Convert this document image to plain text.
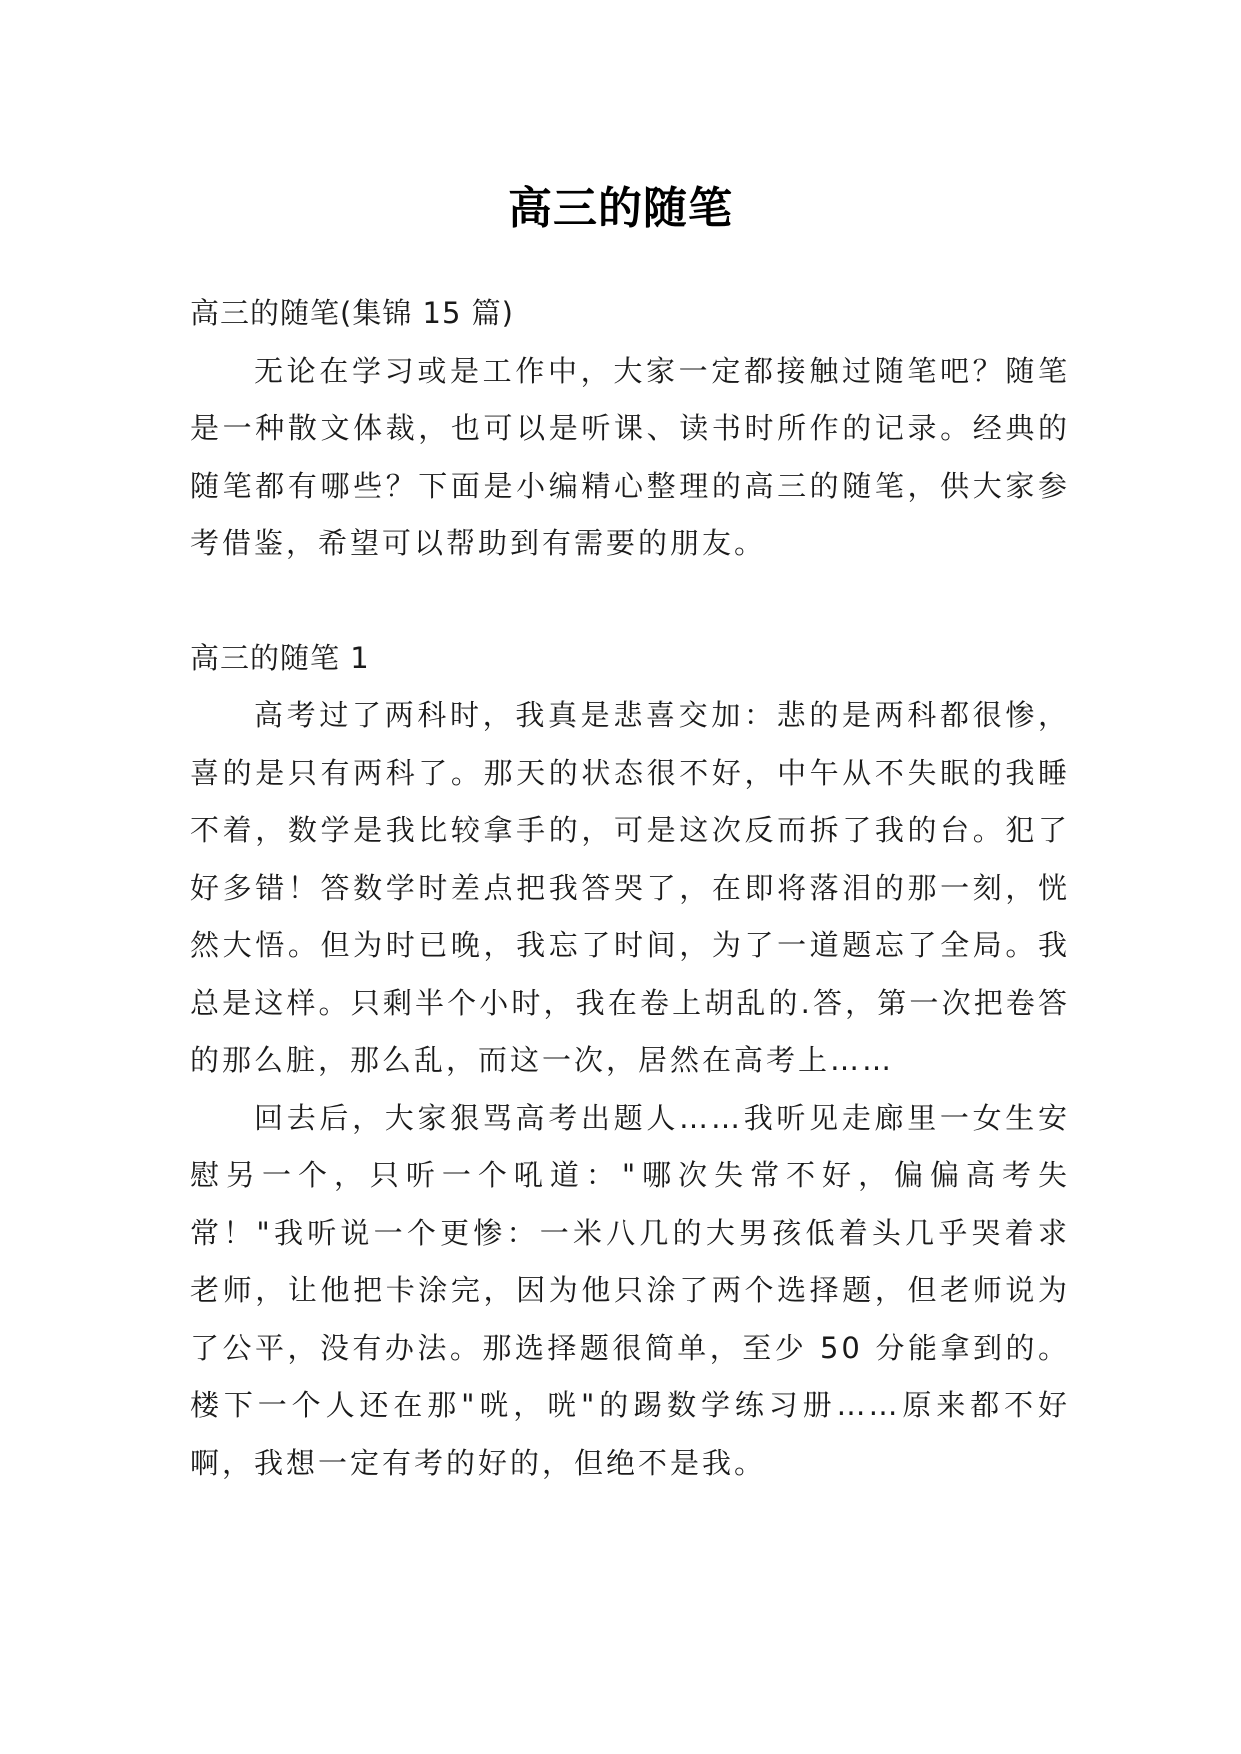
高三的随笔

高三的随笔(集锦 15 篇)

无论在学习或是工作中，大家一定都接触过随笔吧？随笔是一种散文体裁，也可以是听课、读书时所作的记录。经典的随笔都有哪些？下面是小编精心整理的高三的随笔，供大家参考借鉴，希望可以帮助到有需要的朋友。

高三的随笔 1

高考过了两科时，我真是悲喜交加：悲的是两科都很惨，喜的是只有两科了。那天的状态很不好，中午从不失眠的我睡不着，数学是我比较拿手的，可是这次反而拆了我的台。犯了好多错！答数学时差点把我答哭了，在即将落泪的那一刻，恍然大悟。但为时已晚，我忘了时间，为了一道题忘了全局。我总是这样。只剩半个小时，我在卷上胡乱的.答，第一次把卷答的那么脏，那么乱，而这一次，居然在高考上……

回去后，大家狠骂高考出题人……我听见走廊里一女生安慰另一个，只听一个吼道："哪次失常不好，偏偏高考失常！"我听说一个更惨：一米八几的大男孩低着头几乎哭着求老师，让他把卡涂完，因为他只涂了两个选择题，但老师说为了公平，没有办法。那选择题很简单，至少 50 分能拿到的。楼下一个人还在那"咣，咣"的踢数学练习册……原来都不好啊，我想一定有考的好的，但绝不是我。
